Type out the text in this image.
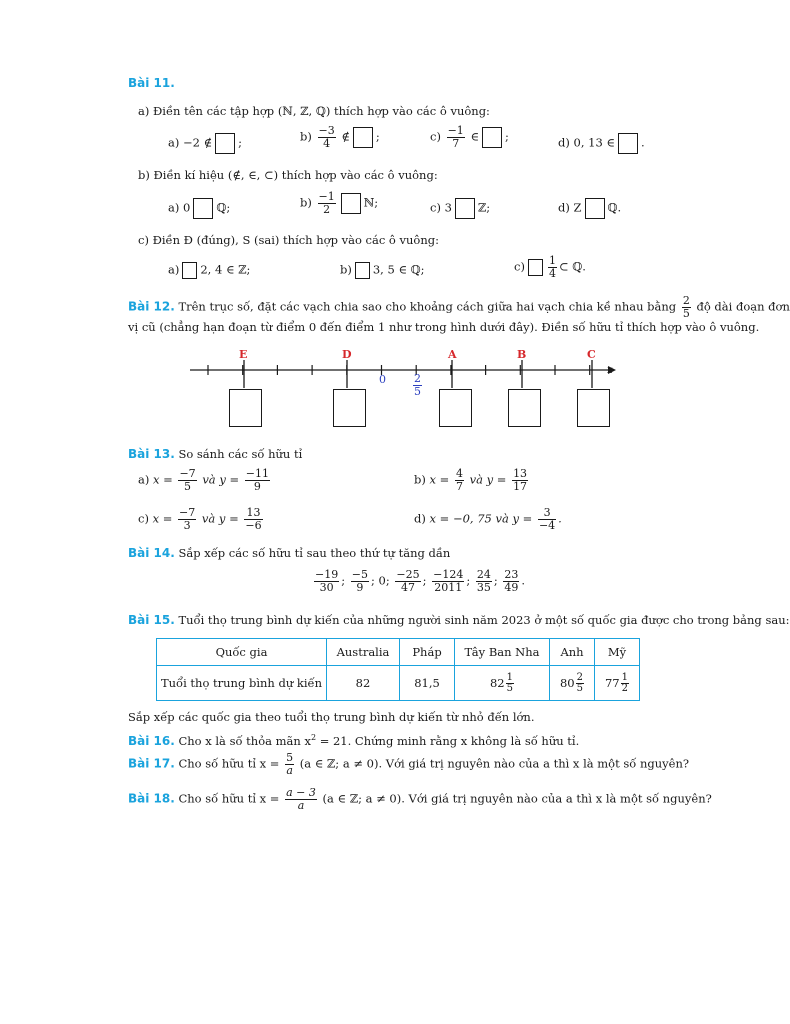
Bài 11.
a) Điền tên các tập hợp (ℕ, ℤ, ℚ) thích hợp vào các ô vuông:
a) −2 ∉ ;	$b) \frac{-3}{4}$ ∉ ;	$c) \frac{-1}{7}$ ∈ ;	d) 0, 13 ∈ .
b) Điền kí hiệu (∉, ∈, ⊂) thích hợp vào các ô vuông:
a) 0 ℚ;	$b) \frac{-1}{2}$ ℕ;	c) 3 ℤ;	d) Z ℚ.
c) Điền Đ (đúng), S (sai) thích hợp vào các ô vuông:
a) 2, 4 ∈ ℤ;	b) 3, 5 ∈ ℚ;	$c) \frac{1}{4}$ ⊂ ℚ.
Bài 12. Trên trục số, đặt các vạch chia sao cho khoảng cách giữa hai vạch chia kề nhau bằng $\frac{2}{5}$ độ dài đoạn đơn
vị cũ (chẳng hạn đoạn từ điểm 0 đến điểm 1 như trong hình dưới đây). Điền số hữu tỉ thích hợp vào ô vuông.
x
$0 \frac{2}{5}$
E	D	A	B	C
Bài 13. So sánh các số hữu tỉ
a) $x = \frac{-7}{5}$ và $y = \frac{-11}{9}$	b) $x = \frac{4}{7}$ và $y = \frac{13}{17}$
c) $x = \frac{-7}{3}$ và $y = \frac{13}{-6}$	d) x = −0, 75 và $y = \frac{3}{-4}$ .
Bài 14. Sắp xếp các số hữu tỉ sau theo thứ tự tăng dần
$\frac{-19}{30}$ ; $\frac{-5}{9}$ ; 0; $\frac{-25}{47}$ ; $\frac{-124}{2011}$ ; $\frac{24}{35}$ ; $\frac{23}{49}$ .
Bài 15. Tuổi thọ trung bình dự kiến của những người sinh năm 2023 ở một số quốc gia được cho trong bảng sau:
Quốc gia	Australia	Pháp	Tây Ban Nha	Anh	Mỹ
Tuổi thọ trung bình dự kiến	82	81,5	$82 \frac{1}{5}$	$80 \frac{2}{5}$	$77 \frac{1}{2}$
Sắp xếp các quốc gia theo tuổi thọ trung bình dự kiến từ nhỏ đến lớn.
Bài 16. Cho x là số thỏa mãn $x^2 = 21$. Chứng minh rằng x không là số hữu tỉ.
Bài 17. Cho số hữu tỉ $x = \frac{5}{a} (a$ ∈ ℤ; a ≠ 0). Với giá trị nguyên nào của a thì x là một số nguyên?
Bài 18. Cho số hữu tỉ $x = \frac{a - 3}{a} (a$ ∈ ℤ; a ≠ 0). Với giá trị nguyên nào của a thì x là một số nguyên?
